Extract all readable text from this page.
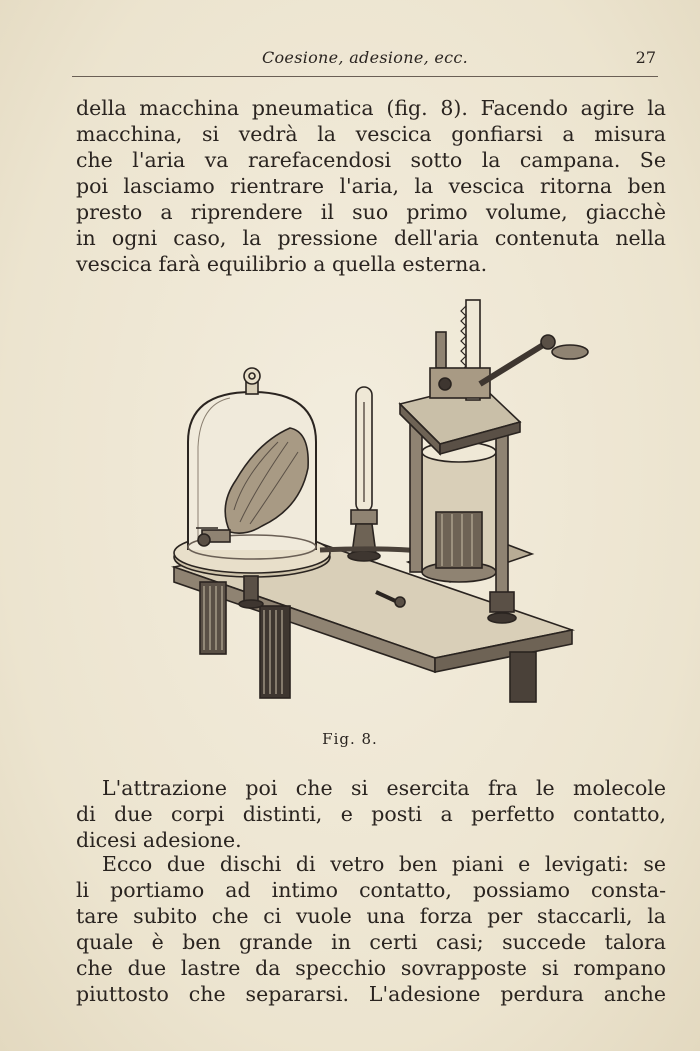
Coesione, adesione, ecc.	27
della macchina pneumatica (fig. 8). Facendo agire la
macchina, si vedrà la vescica gonfiarsi a misura
che l'aria va rarefacendosi sotto la campana. Se
poi lasciamo rientrare l'aria, la vescica ritorna ben
presto a riprendere il suo primo volume, giacchè
in ogni caso, la pressione dell'aria contenuta nella
vescica farà equilibrio a quella esterna.
Fig. 8.
L'attrazione poi che si esercita fra le molecole
di due corpi distinti, e posti a perfetto contatto,
dicesi adesione.
Ecco due dischi di vetro ben piani e levigati: se
li portiamo ad intimo contatto, possiamo consta-
tare subito che ci vuole una forza per staccarli, la
quale è ben grande in certi casi; succede talora
che due lastre da specchio sovrapposte si rompano
piuttosto che separarsi. L'adesione perdura anche
